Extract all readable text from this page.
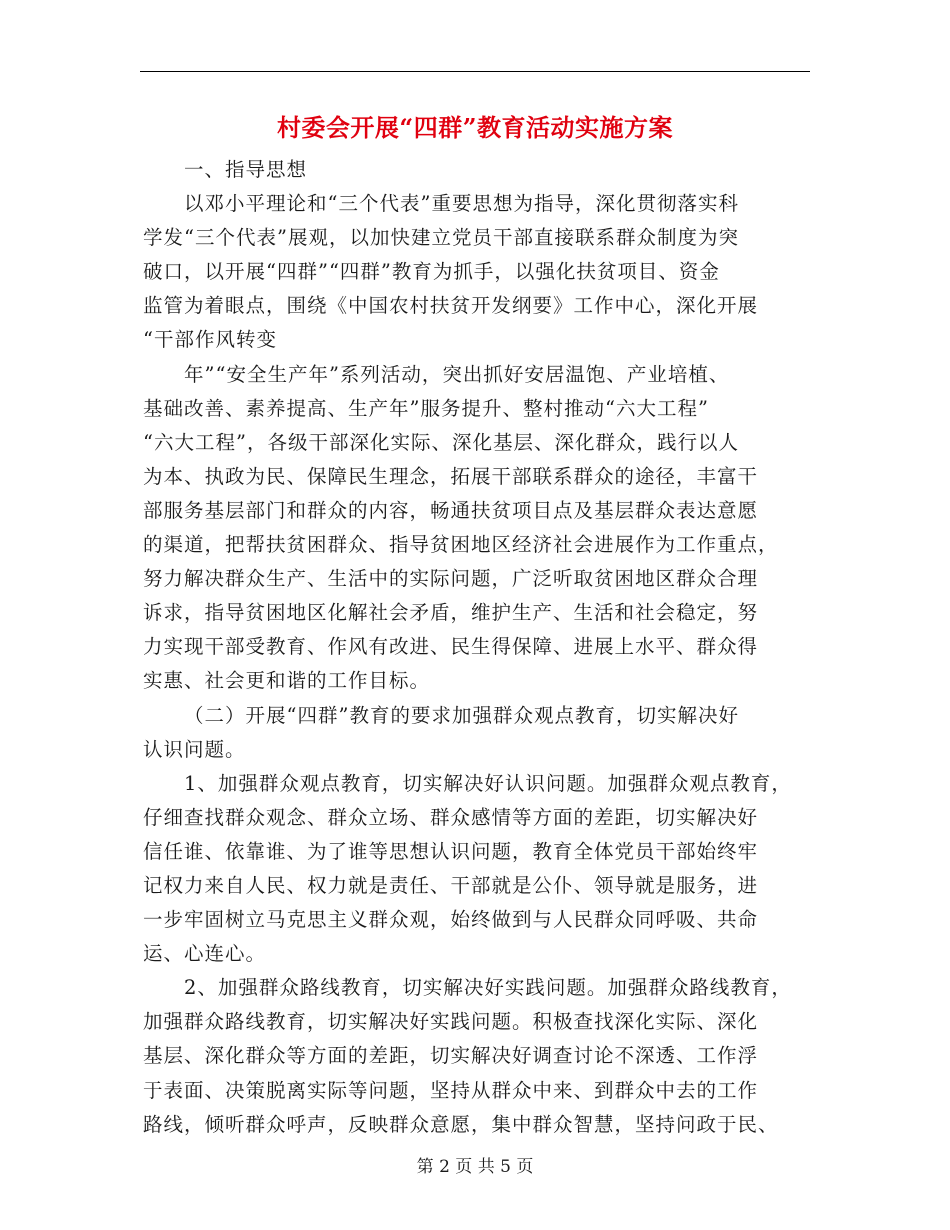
村委会开展“四群”教育活动实施方案
一、指导思想
以邓小平理论和“三个代表”重要思想为指导，深化贯彻落实科
学发“三个代表”展观，以加快建立党员干部直接联系群众制度为突
破口，以开展“四群”“四群”教育为抓手，以强化扶贫项目、资金
监管为着眼点，围绕《中国农村扶贫开发纲要》工作中心，深化开展
“干部作风转变
年”“安全生产年”系列活动，突出抓好安居温饱、产业培植、
基础改善、素养提高、生产年”服务提升、整村推动“六大工程”
“六大工程”，各级干部深化实际、深化基层、深化群众，践行以人
为本、执政为民、保障民生理念，拓展干部联系群众的途径，丰富干
部服务基层部门和群众的内容，畅通扶贫项目点及基层群众表达意愿
的渠道，把帮扶贫困群众、指导贫困地区经济社会进展作为工作重点，
努力解决群众生产、生活中的实际问题，广泛听取贫困地区群众合理
诉求，指导贫困地区化解社会矛盾，维护生产、生活和社会稳定，努
力实现干部受教育、作风有改进、民生得保障、进展上水平、群众得
实惠、社会更和谐的工作目标。
（二）开展“四群”教育的要求加强群众观点教育，切实解决好
认识问题。
1、加强群众观点教育，切实解决好认识问题。加强群众观点教育，
仔细查找群众观念、群众立场、群众感情等方面的差距，切实解决好
信任谁、依靠谁、为了谁等思想认识问题，教育全体党员干部始终牢
记权力来自人民、权力就是责任、干部就是公仆、领导就是服务，进
一步牢固树立马克思主义群众观，始终做到与人民群众同呼吸、共命
运、心连心。
2、加强群众路线教育，切实解决好实践问题。加强群众路线教育，
加强群众路线教育，切实解决好实践问题。积极查找深化实际、深化
基层、深化群众等方面的差距，切实解决好调查讨论不深透、工作浮
于表面、决策脱离实际等问题，坚持从群众中来、到群众中去的工作
路线，倾听群众呼声，反映群众意愿，集中群众智慧，坚持问政于民、
第 2 页 共 5 页
